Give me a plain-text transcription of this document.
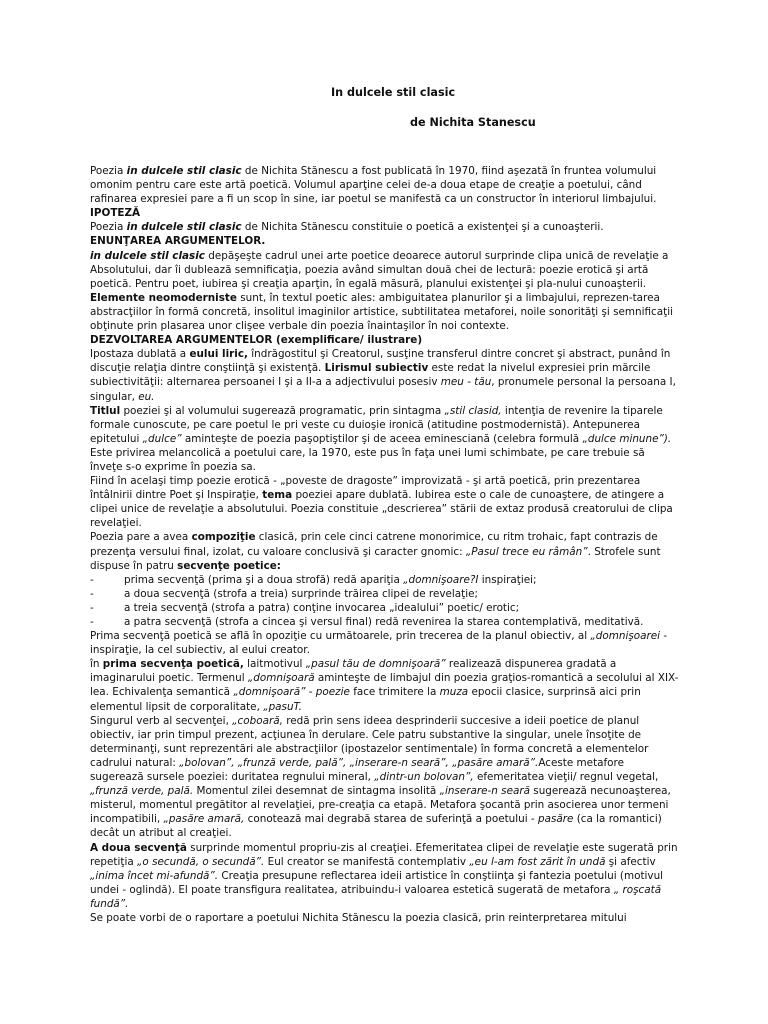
In dulcele stil clasic
de Nichita Stanescu

Poezia in dulcele stil clasic de Nichita Stănescu a fost publicată în 1970, fiind aşezată în fruntea volumului omonim pentru care este artă poetică. Volumul aparţine celei de-a doua etape de creaţie a poetului, când rafinarea expresiei pare a fi un scop în sine, iar poetul se manifestă ca un constructor în interiorul limbajului.

IPOTEZĂ

Poezia in dulcele stil clasic de Nichita Stănescu constituie o poetică a existenţei şi a cunoaşterii.

ENUNŢAREA ARGUMENTELOR.

in dulcele stil clasic depăşeşte cadrul unei arte poetice deoarece autorul surprinde clipa unică de revelaţie a Absolutului, dar îi dublează semnificaţia, poezia având simultan două chei de lectură: poezie erotică şi artă poetică. Pentru poet, iubirea şi creaţia aparţin, în egală măsură, planului existenţei şi pla-nului cunoaşterii.

Elemente neomoderniste sunt, în textul poetic ales: ambiguitatea planurilor şi a limbajului, reprezen-tarea abstracţiilor în formă concretă, insolitul imaginilor artistice, subtilitatea metaforei, noile sonorităţi şi semnificaţii obţinute prin plasarea unor clişee verbale din poezia înaintaşilor în noi contexte.

DEZVOLTAREA ARGUMENTELOR (exemplificare/ ilustrare)

Ipostaza dublată a eului liric, îndrăgostitul şi Creatorul, susţine transferul dintre concret şi abstract, punând în discuţie relaţia dintre conştiinţă şi existenţă. Lirismul subiectiv este redat la nivelul expresiei prin mărcile subiectivităţii: alternarea persoanei I şi a II-a a adjectivului posesiv meu - tău, pronumele personal la persoana I, singular, eu.

Titlul poeziei şi al volumului sugerează programatic, prin sintagma „stil clasid, intenţia de revenire la tiparele formale cunoscute, pe care poetul le pri veste cu duioşie ironică (atitudine postmodernistă). Antepunerea epitetului „dulce” aminteşte de poezia paşoptiştilor şi de aceea eminesciană (celebra formulă „dulce minune”). Este privirea melancolică a poetului care, la 1970, este pus în faţa unei lumi schimbate, pe care trebuie să înveţe s-o exprime în poezia sa.

Fiind în acelaşi timp poezie erotică - „poveste de dragoste” improvizată - şi artă poetică, prin prezentarea întâlnirii dintre Poet şi Inspiraţie, tema poeziei apare dublată. Iubirea este o cale de cunoaştere, de atingere a clipei unice de revelaţie a absolutului. Poezia constituie „descrierea” stării de extaz produsă creatorului de clipa revelaţiei.

Poezia pare a avea compoziţie clasică, prin cele cinci catrene monorimice, cu ritm trohaic, fapt contrazis de prezenţa versului final, izolat, cu valoare conclusivă şi caracter gnomic: „Pasul trece eu râmân”. Strofele sunt dispuse în patru secvenţe poetice:

-	prima secvenţă (prima şi a doua strofă) redă apariţia „domnişoare?I inspiraţiei;

-	a doua secvenţă (strofa a treia) surprinde trăirea clipei de revelaţie;

-	a treia secvenţă (strofa a patra) conţine invocarea „idealului” poetic/ erotic;

-	a patra secvenţă (strofa a cincea şi versul final) redă revenirea la starea contemplativă, meditativă.

Prima secvenţă poetică se află în opoziţie cu următoarele, prin trecerea de la planul obiectiv, al „domnişoarei - inspiraţie, la cel subiectiv, al eului creator.

în prima secvenţa poetică, laitmotivul „pasul tău de domnişoară” realizează dispunerea gradată a imaginarului poetic. Termenul „domnişoară aminteşte de limbajul din poezia graţios-romantică a secolului al XIX-lea. Echivalenţa semantică „domnişoară” - poezie face trimitere la muza epocii clasice, surprinsă aici prin elementul lipsit de corporalitate, „pasuT.

Singurul verb al secvenţei, „coboară, redă prin sens ideea desprinderii succesive a ideii poetice de planul obiectiv, iar prin timpul prezent, acţiunea în derulare. Cele patru substantive la singular, unele însoţite de determinanţi, sunt reprezentări ale abstracţiilor (ipostazelor sentimentale) în forma concretă a elementelor cadrului natural: „bolovan”, „frunză verde, pală”, „inserare-n seară”, „pasăre amară”.Aceste metafore sugerează sursele poeziei: duritatea regnului mineral, „dintr-un bolovan”, efemeritatea vieţii/ regnul vegetal, „frunză verde, pală. Momentul zilei desemnat de sintagma insolită „inserare-n seară sugerează necunoaşterea, misterul, momentul pregătitor al revelaţiei, pre-creaţia ca etapă. Metafora şocantă prin asocierea unor termeni incompatibili, „pasăre amară, conotează mai degrabă starea de suferinţă a poetului - pasăre (ca la romantici) decât un atribut al creaţiei.

A doua secvenţă surprinde momentul propriu-zis al creaţiei. Efemeritatea clipei de revelaţie este sugerată prin repetiţia „o secundă, o secundă”. Eul creator se manifestă contemplativ „eu l-am fost zărit în undă şi afectiv „inima încet mi-afundă”. Creaţia presupune reflectarea ideii artistice în conştiinţa şi fantezia poetului (motivul undei - oglindă). El poate transfigura realitatea, atribuindu-i valoarea estetică sugerată de metafora „ roşcată fundă”.

Se poate vorbi de o raportare a poetului Nichita Stănescu la poezia clasică, prin reinterpretarea mitului
